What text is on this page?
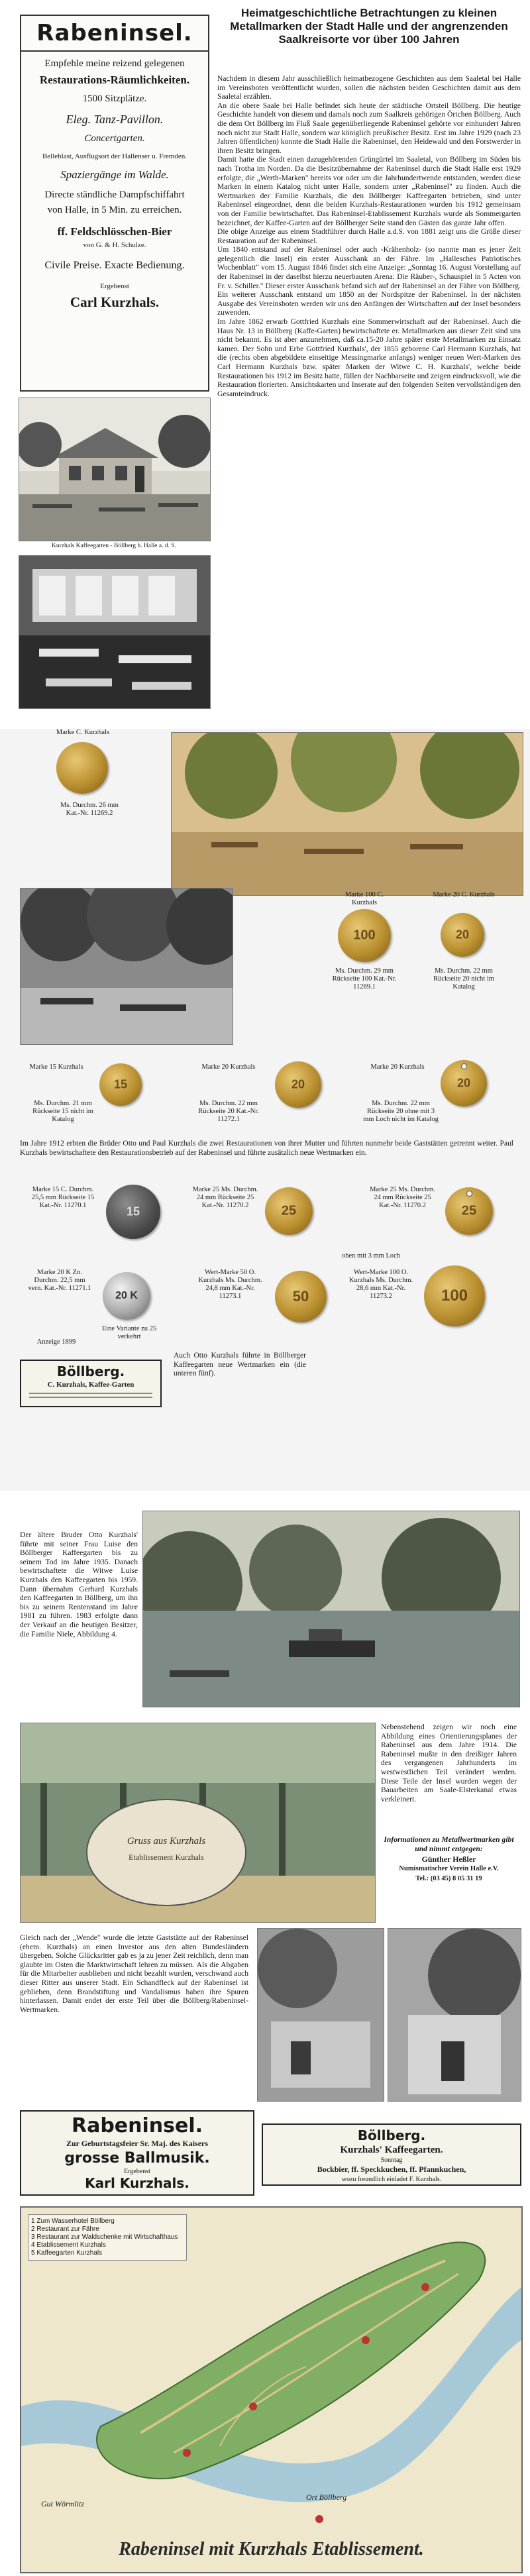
Rabeninsel.
Empfehle meine reizend gelegenen
Restaurations-Räumlichkeiten.
1500 Sitzplätze.
Eleg. Tanz-Pavillon.
Concertgarten.
Belleblast, Ausflugsort der Hallenser u. Fremden.
Spaziergänge im Walde.
Directe ständliche Dampfschiffahrt
von Halle, in 5 Min. zu erreichen.
ff. Feldschlösschen-Bier
von G. & H. Schulze.
Civile Preise. Exacte Bedienung.
Ergebenst
Carl Kurzhals.
Kurzhals Kaffeegarten - Böllberg b. Halle a. d. S.
Heimatgeschichtliche Betrachtungen zu kleinen Metallmarken der Stadt Halle und der angrenzenden Saalkreisorte vor über 100 Jahren

Nachdem in diesem Jahr ausschließlich heimatbezogene Geschichten aus dem Saaletal bei Halle im Vereinsboten veröffentlicht wurden, sollen die nächsten beiden Geschichten damit aus dem Saaletal erzählen.

An die obere Saale bei Halle befindet sich heute der städtische Ortsteil Böllberg. Die heutige Geschichte handelt von diesem und damals noch zum Saalkreis gehörigen Örtchen Böllberg. Auch die dem Ort Böllberg im Fluß Saale gegenüberliegende Rabeninsel gehörte vor einhundert Jahren noch nicht zur Stadt Halle, sondern war königlich preußischer Besitz. Erst im Jahre 1929 (nach 23 Jahren öffentlichen) konnte die Stadt Halle die Rabeninsel, den Heidewald und den Forstwerder in ihren Besitz bringen.

Damit hatte die Stadt einen dazugehörenden Grüngürtel im Saaletal, von Böllberg im Süden bis nach Trotha im Norden. Da die Besitzübernahme der Rabeninsel durch die Stadt Halle erst 1929 erfolgte, die „Werth-Marken" bereits vor oder um die Jahrhundertwende entstanden, werden diese Marken in einem Katalog nicht unter Halle, sondern unter „Rabeninsel" zu finden. Auch die Wertmarken der Familie Kurzhals, die den Böllberger Kaffeegarten betrieben, sind unter Rabeninsel eingeordnet, denn die beiden Kurzhals-Restaurationen wurden bis 1912 gemeinsam von der Familie bewirtschaftet. Das Rabeninsel-Etablissement Kurzhals wurde als Sommergarten bezeichnet, der Kaffee-Garten auf der Böllberger Seite stand den Gästen das ganze Jahr offen.

Die obige Anzeige aus einem Stadtführer durch Halle a.d.S. von 1881 zeigt uns die Größe dieser Restauration auf der Rabeninsel.

Um 1840 entstand auf der Rabeninsel oder auch -Krähenholz- (so nannte man es jener Zeit gelegentlich die Insel) ein erster Ausschank an der Fähre. Im „Hallesches Patriotisches Wochenblatt" vom 15. August 1846 findet sich eine Anzeige: „Sonntag 16. August Vorstellung auf der Rabeninsel in der daselbst hierzu neuerbauten Arena: Die Räuber-, Schauspiel in 5 Acten von Fr. v. Schiller." Dieser erster Ausschank befand sich auf der Rabeninsel an der Fähre von Böllberg. Ein weiterer Ausschank entstand um 1850 an der Nordspitze der Rabeninsel. In der nächsten Ausgabe des Vereinsboten werden wir uns den Anfängen der Wirtschaften auf der Insel besonders zuwenden.

Im Jahre 1862 erwarb Gottfried Kurzhals eine Sommerwirtschaft auf der Rabeninsel. Auch die Haus Nr. 13 in Böllberg (Kaffe-Garten) bewirtschaftete er. Metallmarken aus dieser Zeit sind uns nicht bekannt. Es ist aber anzunehmen, daß ca.15-20 Jahre später erste Metallmarken zu Einsatz kamen. Der Sohn und Erbe Gottfried Kurzhals', der 1855 geborene Carl Hermann Kurzhals, hat die (rechts oben abgebildete einseitige Messingmarke anfangs) weniger neuen Wert-Marken des Carl Hermann Kurzhals bzw. später Marken der Witwe C. H. Kurzhals', welche beide Restaurationen bis 1912 im Besitz hatte, füllen der Nachbarseite und zeigen eindrucksvoll, wie die Restauration florierten. Ansichtskarten und Inserate auf den folgenden Seiten vervollständigen den Gesamteindruck.

Marke C. Kurzhals
Ms. Durchm. 26 mm Kat.-Nr. 11269.2
100
Marke 100 C. Kurzhals
Ms. Durchm. 29 mm Rückseite 100 Kat.-Nr. 11269.1
20
Marke 20 C. Kurzhals
Ms. Durchm. 22 mm Rückseite 20 nicht im Katalog
15
Marke 15 Kurzhals
Ms. Durchm. 21 mm Rückseite 15 nicht im Katalog
20
Marke 20 Kurzhals
Ms. Durchm. 22 mm Rückseite 20 Kat.-Nr. 11272.1
20
Marke 20 Kurzhals
Ms. Durchm. 22 mm Rückseite 20 ohne mit 3 mm Loch nicht im Katalog
Im Jahre 1912 erbten die Brüder Otto und Paul Kurzhals die zwei Restaurationen von ihrer Mutter und führten nunmehr beide Gaststätten getrennt weiter. Paul Kurzhals bewirtschaftete den Restaurationsbetrieb auf der Rabeninsel und führte zusätzlich neue Wertmarken ein.
15
Marke 15 C. Durchm. 25,5 mm Rückseite 15 Kat.-Nr. 11270.1	25
Marke 25 Ms. Durchm. 24 mm Rückseite 25 Kat.-Nr. 11270.2	25
Marke 25 Ms. Durchm. 24 mm Rückseite 25 Kat.-Nr. 11270.2
oben mit 3 mm Loch
20 K
Marke 20 K Zn. Durchm. 22,5 mm vern. Kat.-Nr. 11271.1
Eine Variante zu 25 verkehrt
50
Wert-Marke 50 O. Kurzhals Ms. Durchm. 24,8 mm Kat.-Nr. 11273.1	100
Wert-Marke 100 O. Kurzhals Ms. Durchm. 28,6 mm Kat.-Nr. 11273.2
Anzeige 1899
Böllberg.
C. Kurzhals, Kaffee-Garten
Auch Otto Kurzhals führte in Böllberger Kaffeegarten neue Wertmarken ein (die unteren fünf).
Der ältere Bruder Otto Kurzhals' führte mit seiner Frau Luise den Böllberger Kaffeegarten bis zu seinem Tod im Jahre 1935. Danach bewirtschaftete die Witwe Luise Kurzhals den Kaffeegarten bis 1959. Dann übernahm Gerhard Kurzhals den Kaffeegarten in Böllberg, um ihn bis zu seinem Rentenstand im Jahre 1981 zu führen. 1983 erfolgte dann der Verkauf an die heutigen Besitzer, die Familie Niele, Abbildung 4.
Gruss aus Kurzhals
Etablissement Kurzhals
Nebenstehend zeigen wir noch eine Abbildung eines Orientierungsplanes der Rabeninsel aus dem Jahre 1914. Die Rabeninsel mußte in den dreißiger Jahren des vergangenen Jahrhunderts im westwestlichen Teil verändert werden. Diese Teile der Insel wurden wegen der Bauarbeiten am Saale-Elsterkanal etwas verkleinert.
Informationen zu Metallwertmarken gibt und nimmt entgegen:
Günther Heßler
Numismatischer Verein Halle e.V.
Tel.: (03 45) 8 05 31 19
Gleich nach der „Wende" wurde die letzte Gaststätte auf der Rabeninsel (ehem. Kurzhals) an einen Investor aus den alten Bundesländern übergeben. Solche Glücksritter gab es ja zu jener Zeit reichlich, denn man glaubte im Osten die Marktwirtschaft lehren zu müssen. Als die Abgaben für die Mitarbeiter ausblieben und nicht bezahlt wurden, verschwand auch dieser Ritter aus unserer Stadt. Ein Schandfleck auf der Rabeninsel ist geblieben, denn Brandstiftung und Vandalismus haben ihre Spuren hinterlassen. Damit endet der erste Teil über die Böllberg/Rabeninsel-Wertmarken.
Rabeninsel.
Zur Geburtstagsfeier Sr. Maj. des Kaisers
grosse Ballmusik.
Ergebenst
Karl Kurzhals.
Böllberg.
Kurzhals' Kaffeegarten.
Sonntag
Bockbier, ff. Speckkuchen, ff. Pfannkuchen,
wozu freundlich einladet F. Kurzhals.
1 Zum Wasserhotel Böllberg
2 Restaurant zur Fähre
3 Restaurant zur Waldschenke mit Wirtschafthaus
4 Etablissement Kurzhals
5 Kaffeegarten Kurzhals
Ort Böllberg
Gut Wörmlitz
Rabeninsel mit Kurzhals Etablissement.
